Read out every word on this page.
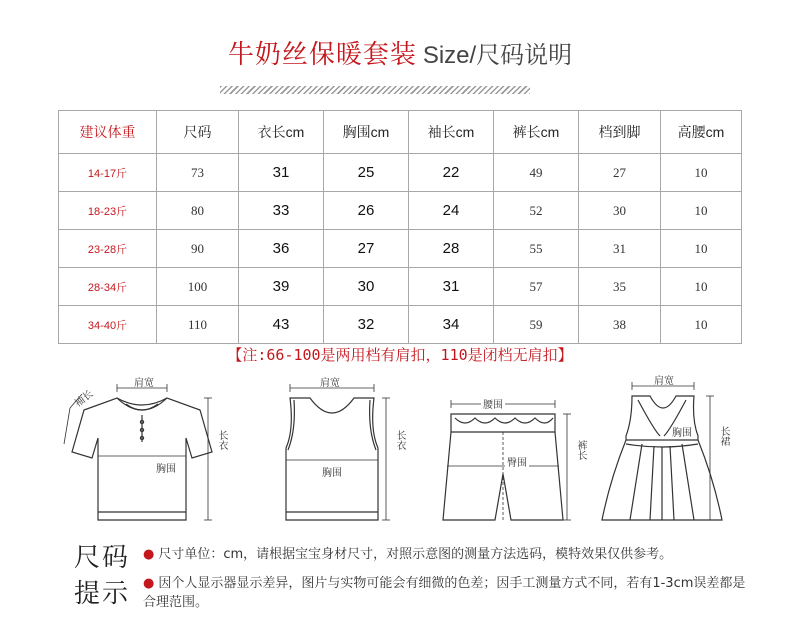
牛奶丝保暖套装 Size/尺码说明
建议体重	尺码	衣长cm	胸围cm	袖长cm	裤长cm	档到脚	高腰cm
14-17斤	73	31	25	22	49	27	10
18-23斤	80	33	26	24	52	30	10
23-28斤	90	36	27	28	55	31	10
28-34斤	100	39	30	31	57	35	10
34-40斤	110	43	32	34	59	38	10
【注:66-100是两用档有肩扣，110是闭档无肩扣】
袖长
肩宽
胸围
长衣
肩宽
胸围
长衣
腰围
臀围
裤长
肩宽
胸围	长裙
尺码
提示
● 尺寸单位：cm，请根据宝宝身材尺寸，对照示意图的测量方法选码，模特效果仅供参考。
● 因个人显示器显示差异，图片与实物可能会有细微的色差；因手工测量方式不同，若有1-3cm误差都是合理范围。
